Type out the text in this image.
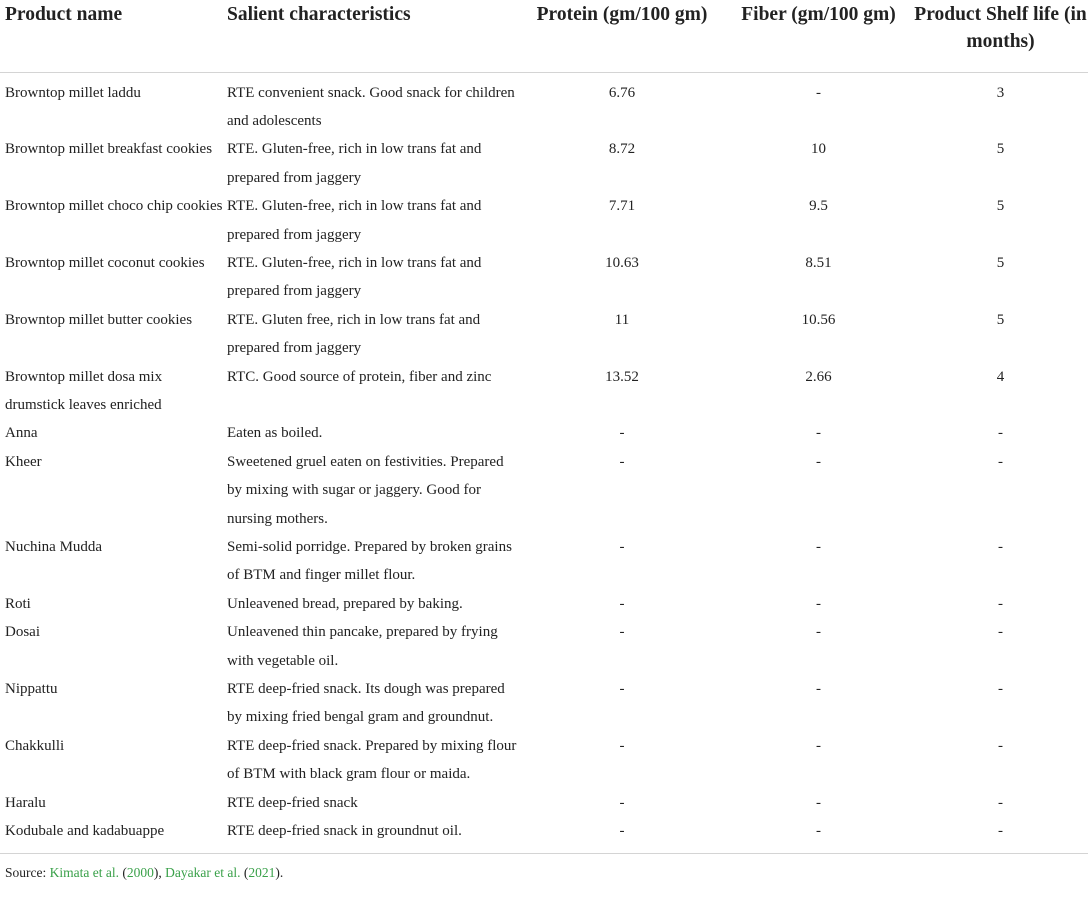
Product name	Salient characteristics	Protein (gm/100 gm)	Fiber (gm/100 gm)	Product Shelf life (in months)
Browntop millet laddu	RTE convenient snack. Good snack for children and adolescents	6.76	-	3
Browntop millet breakfast cookies	RTE. Gluten-free, rich in low trans fat and prepared from jaggery	8.72	10	5
Browntop millet choco chip cookies	RTE. Gluten-free, rich in low trans fat and prepared from jaggery	7.71	9.5	5
Browntop millet coconut cookies	RTE. Gluten-free, rich in low trans fat and prepared from jaggery	10.63	8.51	5
Browntop millet butter cookies	RTE. Gluten free, rich in low trans fat and prepared from jaggery	11	10.56	5
Browntop millet dosa mix drumstick leaves enriched	RTC. Good source of protein, fiber and zinc	13.52	2.66	4
Anna	Eaten as boiled.	-	-	-
Kheer	Sweetened gruel eaten on festivities. Prepared by mixing with sugar or jaggery. Good for nursing mothers.	-	-	-
Nuchina Mudda	Semi-solid porridge. Prepared by broken grains of BTM and finger millet flour.	-	-	-
Roti	Unleavened bread, prepared by baking.	-	-	-
Dosai	Unleavened thin pancake, prepared by frying with vegetable oil.	-	-	-
Nippattu	RTE deep-fried snack. Its dough was prepared by mixing fried bengal gram and groundnut.	-	-	-
Chakkulli	RTE deep-fried snack. Prepared by mixing flour of BTM with black gram flour or maida.	-	-	-
Haralu	RTE deep-fried snack	-	-	-
Kodubale and kadabuappe	RTE deep-fried snack in groundnut oil.	-	-	-
Source: Kimata et al. (2000), Dayakar et al. (2021).
